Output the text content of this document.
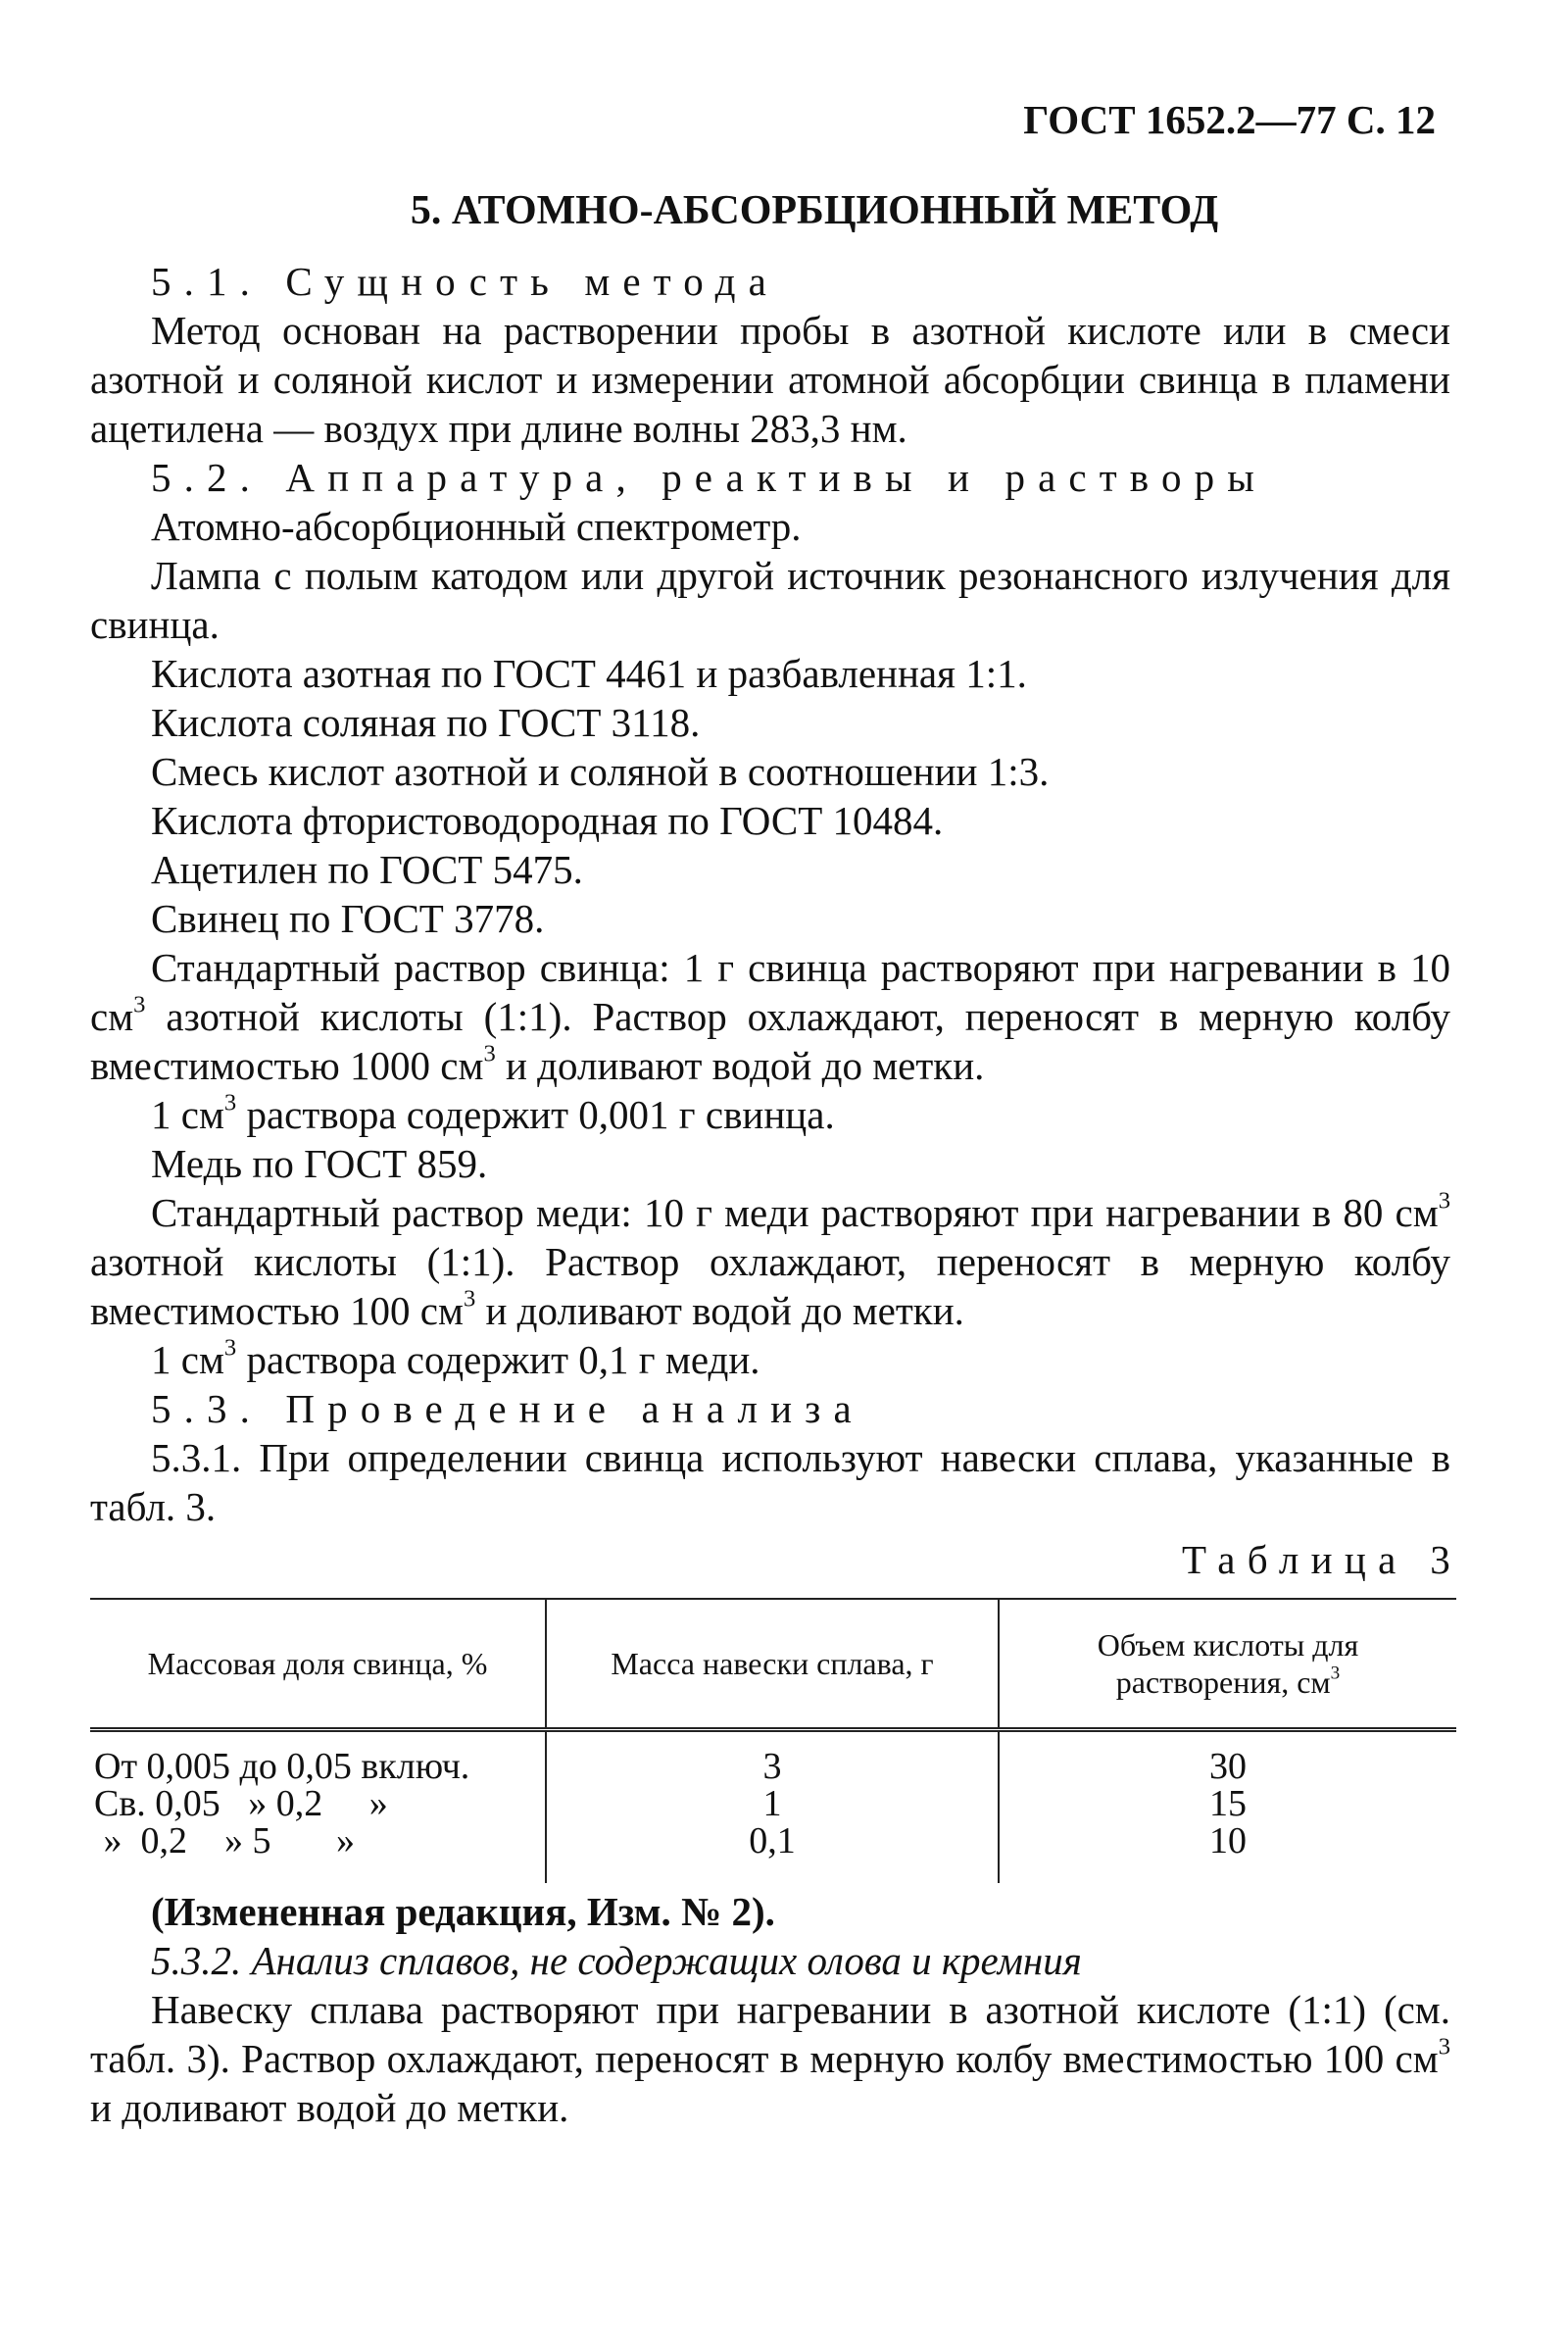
ГОСТ 1652.2—77 С. 12
5. АТОМНО-АБСОРБЦИОННЫЙ МЕТОД
5.1. Сущность метода
Метод основан на растворении пробы в азотной кислоте или в смеси азотной и соляной кислот и измерении атомной абсорбции свинца в пламени ацетилена — воздух при длине волны 283,3 нм.
5.2. Аппаратура, реактивы и растворы
Атомно-абсорбционный спектрометр.
Лампа с полым катодом или другой источник резонансного излучения для свинца.
Кислота азотная по ГОСТ 4461 и разбавленная 1:1.
Кислота соляная по ГОСТ 3118.
Смесь кислот азотной и соляной в соотношении 1:3.
Кислота фтористоводородная по ГОСТ 10484.
Ацетилен по ГОСТ 5475.
Свинец по ГОСТ 3778.
Стандартный раствор свинца: 1 г свинца растворяют при нагревании в 10 $см^3$ азотной кислоты (1:1). Раствор охлаждают, переносят в мерную колбу вместимостью 1000 $см^3$ и доливают водой до метки.
1 $см^3$ раствора содержит 0,001 г свинца.
Медь по ГОСТ 859.
Стандартный раствор меди: 10 г меди растворяют при нагревании в 80 $см^3$ азотной кислоты (1:1). Раствор охлаждают, переносят в мерную колбу вместимостью 100 $см^3$ и доливают водой до метки.
1 $см^3$ раствора содержит 0,1 г меди.
5.3. Проведение анализа
5.3.1. При определении свинца используют навески сплава, указанные в табл. 3.
Таблица 3
Массовая доля свинца, %	Масса навески сплава, г	Объем кислоты для растворения, $см^3$
От 0,005 до 0,05 включ.	3	30
Св. 0,05   » 0,2     »	1	15
»  0,2    » 5       »	0,1	10
(Измененная редакция, Изм. № 2).
5.3.2. Анализ сплавов, не содержащих олова и кремния
Навеску сплава растворяют при нагревании в азотной кислоте (1:1) (см. табл. 3). Раствор охлаждают, переносят в мерную колбу вместимостью 100 $см^3$ и доливают водой до метки.
